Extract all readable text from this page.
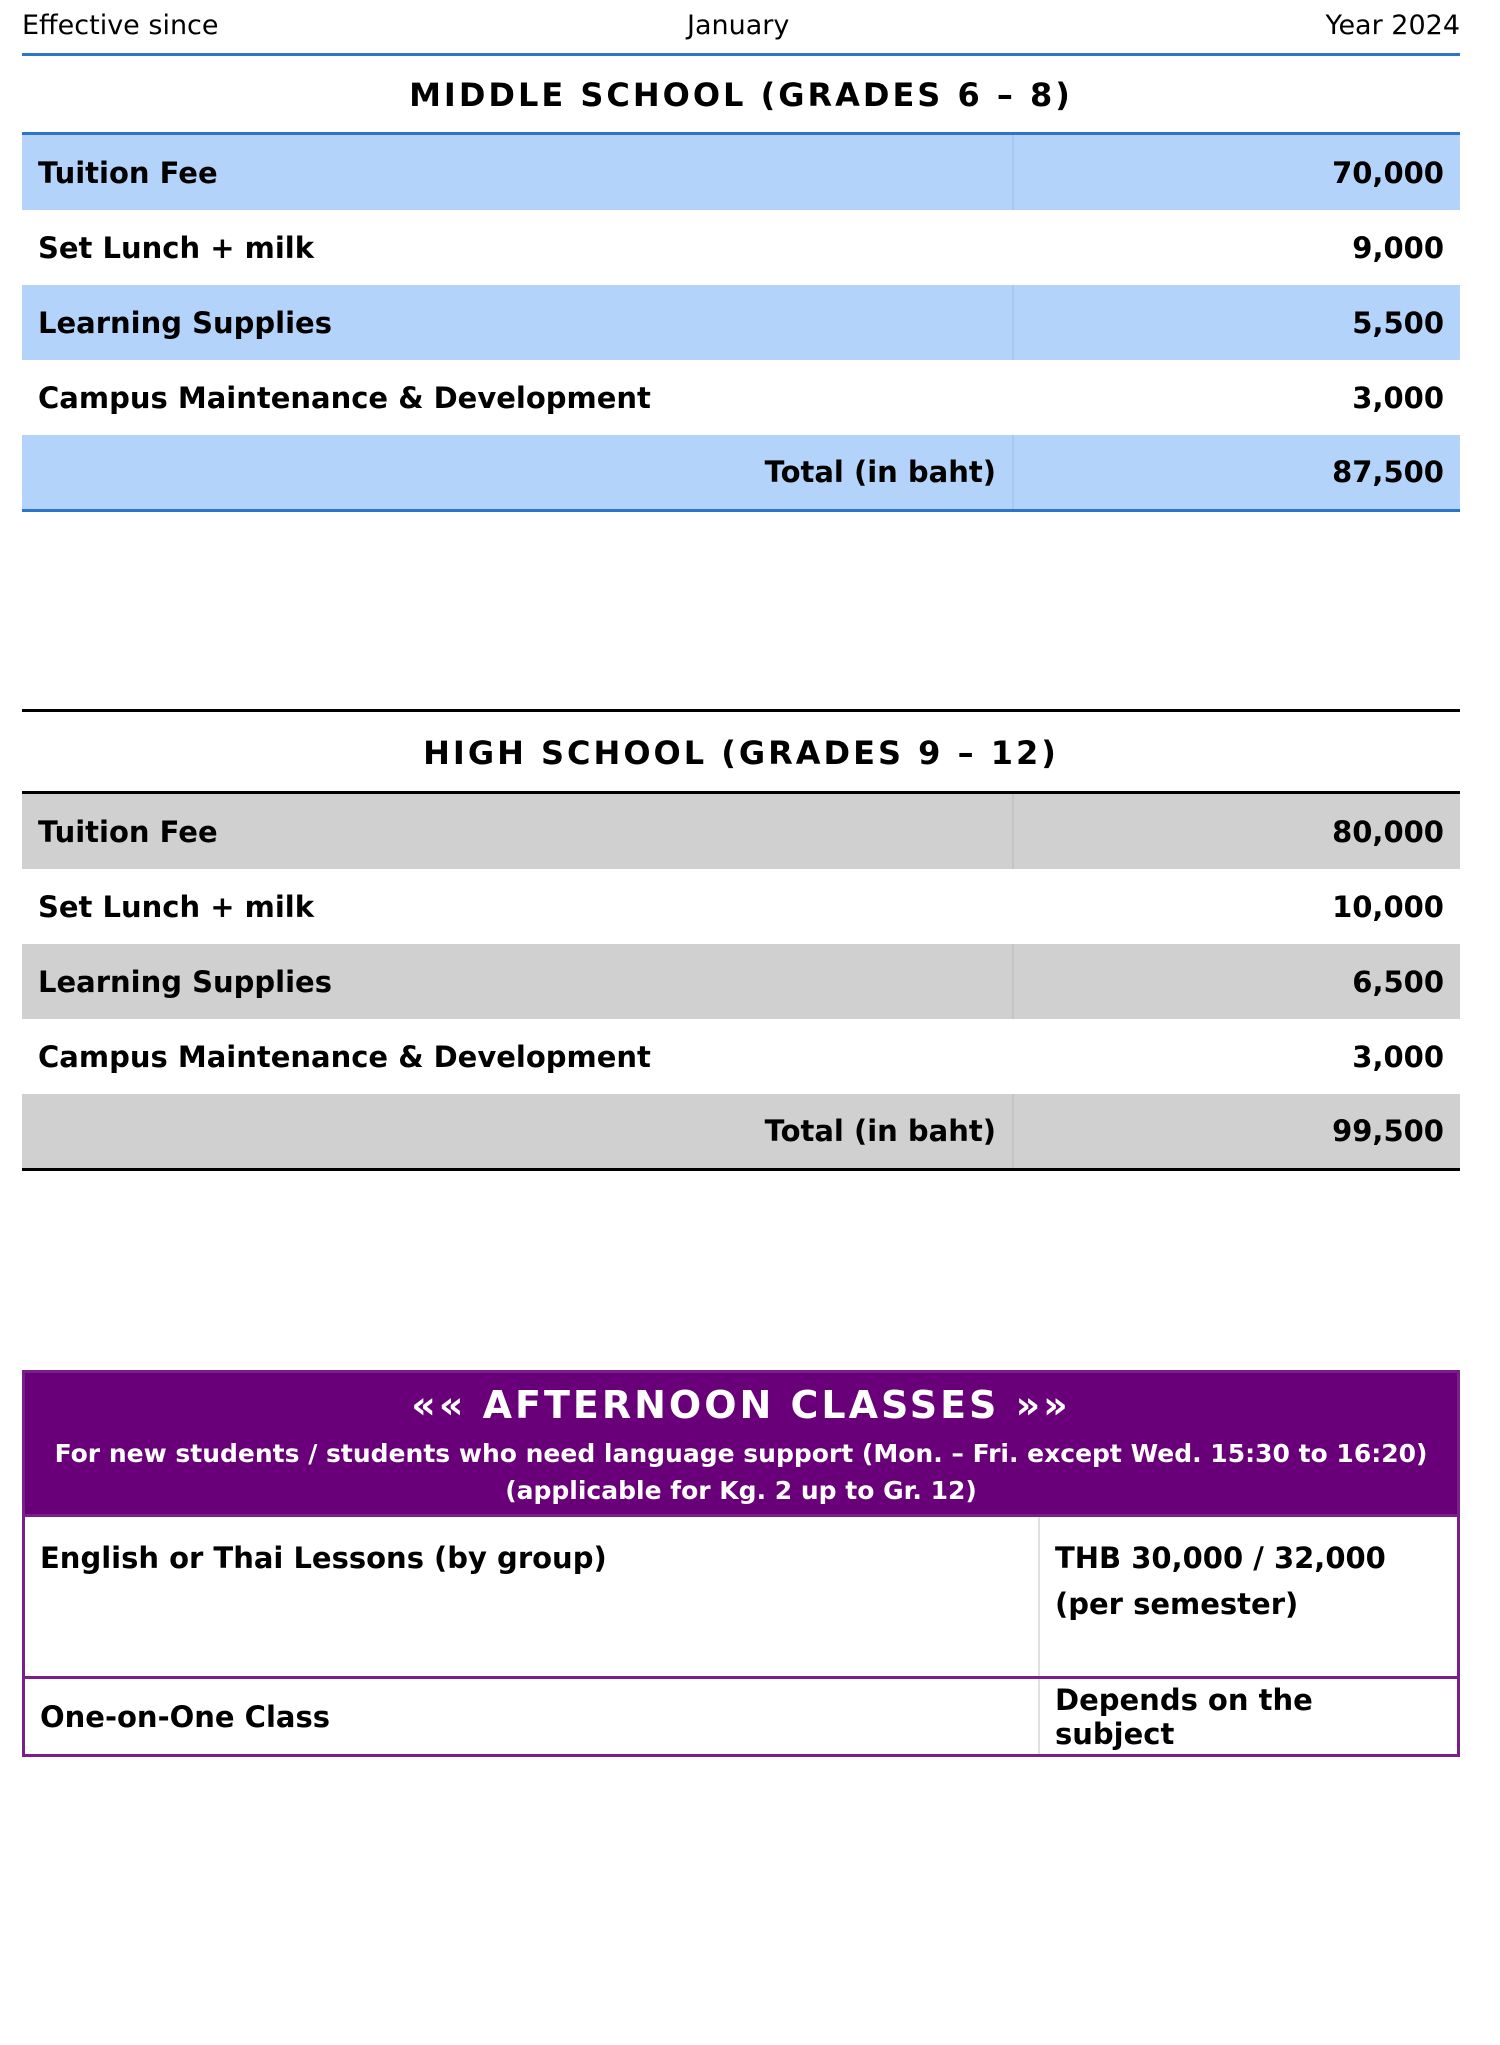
Effective since	January	Year 2024
MIDDLE SCHOOL (GRADES 6 – 8)
Tuition Fee	70,000
Set Lunch + milk	9,000
Learning Supplies	5,500
Campus Maintenance & Development	3,000
Total (in baht)	87,500
HIGH SCHOOL (GRADES 9 – 12)
Tuition Fee	80,000
Set Lunch + milk	10,000
Learning Supplies	6,500
Campus Maintenance & Development	3,000
Total (in baht)	99,500
«« AFTERNOON CLASSES »»
For new students / students who need language support (Mon. – Fri. except Wed. 15:30 to 16:20)
(applicable for Kg. 2 up to Gr. 12)
English or Thai Lessons (by group)	THB 30,000 / 32,000
(per semester)

One-on-One Class	Depends on the subject
